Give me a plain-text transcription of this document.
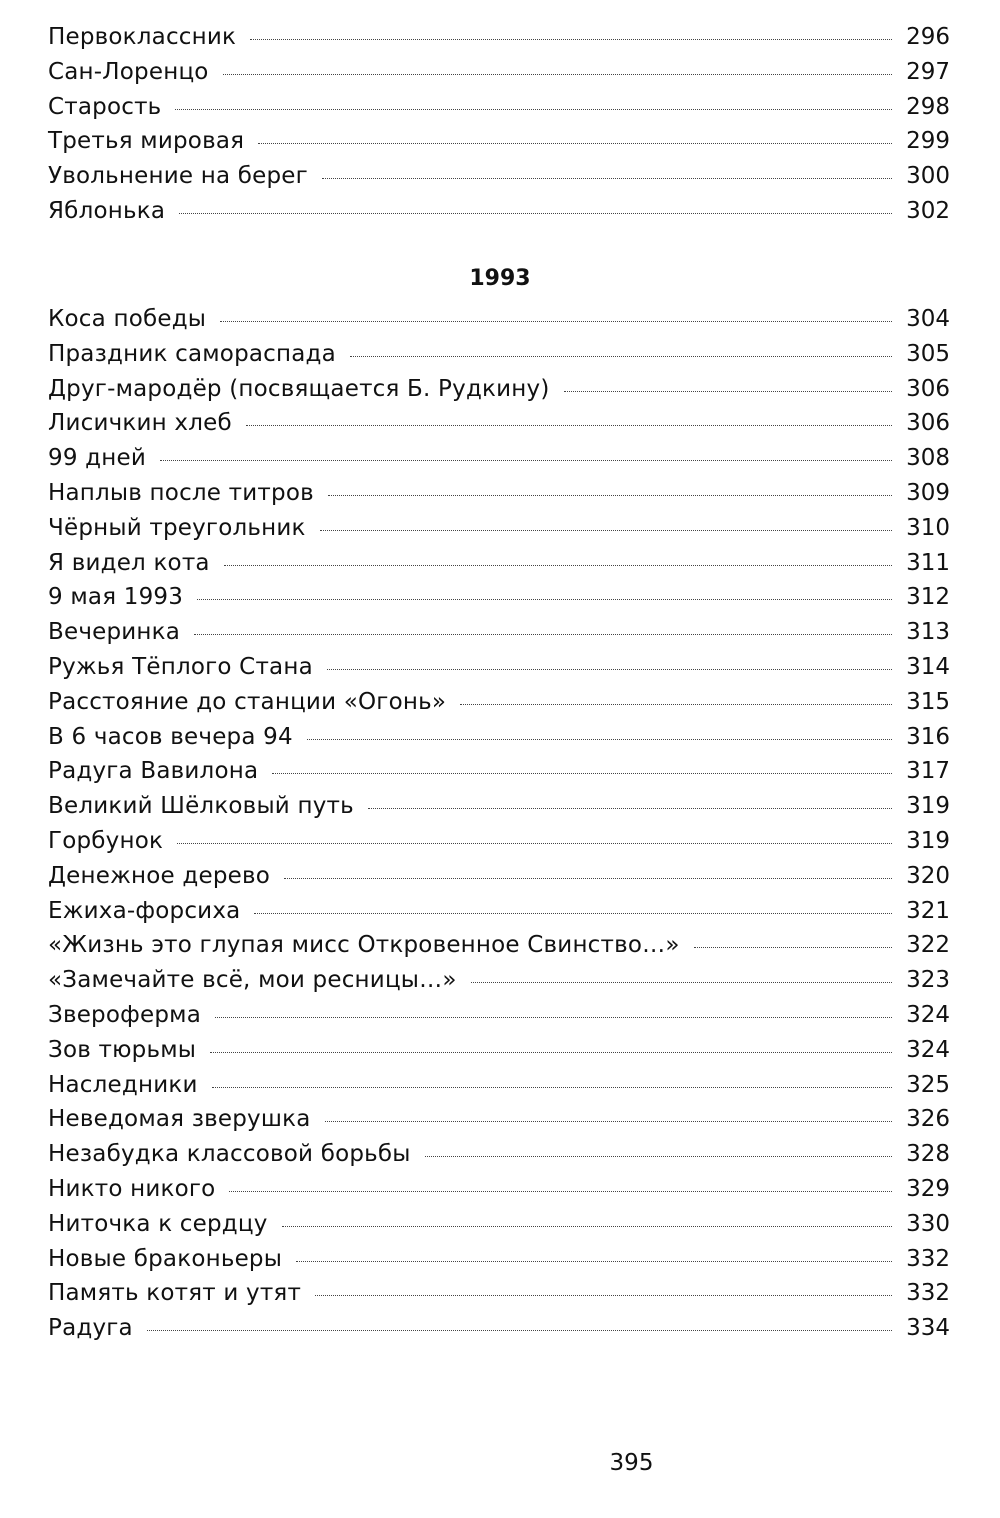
Первоклассник	296
Сан-Лоренцо	297
Старость	298
Третья мировая	299
Увольнение на берег	300
Яблонька	302
1993
Коса победы	304
Праздник самораспада	305
Друг-мародёр (посвящается Б. Рудкину)	306
Лисичкин хлеб	306
99 дней	308
Наплыв после титров	309
Чёрный треугольник	310
Я видел кота	311
9 мая 1993	312
Вечеринка	313
Ружья Тёплого Стана	314
Расстояние до станции «Огонь»	315
В 6 часов вечера 94	316
Радуга Вавилона	317
Великий Шёлковый путь	319
Горбунок	319
Денежное дерево	320
Ежиха-форсиха	321
«Жизнь это глупая мисс Откровенное Свинство…»	322
«Замечайте всё, мои ресницы…»	323
Звероферма	324
Зов тюрьмы	324
Наследники	325
Неведомая зверушка	326
Незабудка классовой борьбы	328
Никто никого	329
Ниточка к сердцу	330
Новые браконьеры	332
Память котят и утят	332
Радуга	334

395
